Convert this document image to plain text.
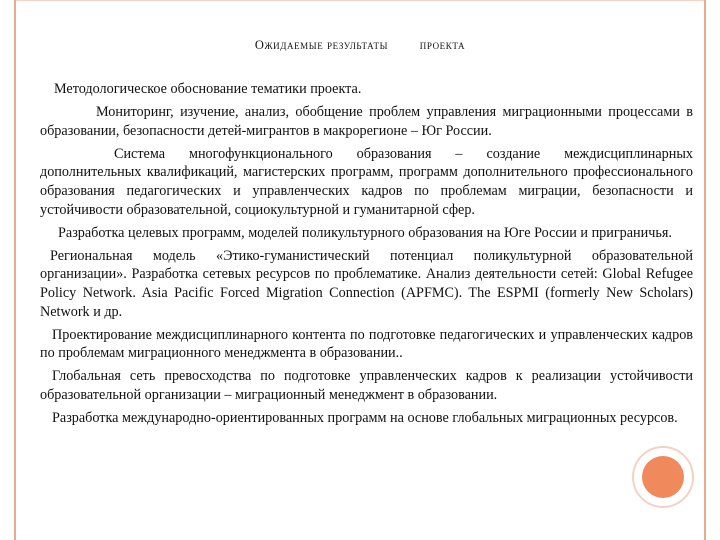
Ожидаемые результаты	проекта

Методологическое обоснование тематики проекта.

Мониторинг, изучение, анализ, обобщение проблем управления миграционными процессами в образовании, безопасности детей-мигрантов в макрорегионе – Юг России.

Система многофункционального образования – создание междисциплинарных дополнительных квалификаций, магистерских программ, программ дополнительного профессионального образования педагогических и управленческих кадров по проблемам миграции, безопасности и устойчивости образовательной, социокультурной и гуманитарной сфер.

Разработка целевых программ, моделей поликультурного образования на Юге России и приграничья.

Региональная модель «Этико-гуманистический потенциал поликультурной образовательной организации». Разработка сетевых ресурсов по проблематике. Анализ деятельности сетей: Global Refugee Policy Network. Asia Pacific Forced Migration Connection (APFMC). The ESPMI (formerly New Scholars) Network и др.

Проектирование междисциплинарного контента по подготовке педагогических и управленческих кадров по проблемам миграционного менеджмента в образовании..

Глобальная сеть превосходства по подготовке управленческих кадров к реализации устойчивости образовательной организации – миграционный менеджмент в образовании.

Разработка международно-ориентированных программ на основе глобальных миграционных ресурсов.
